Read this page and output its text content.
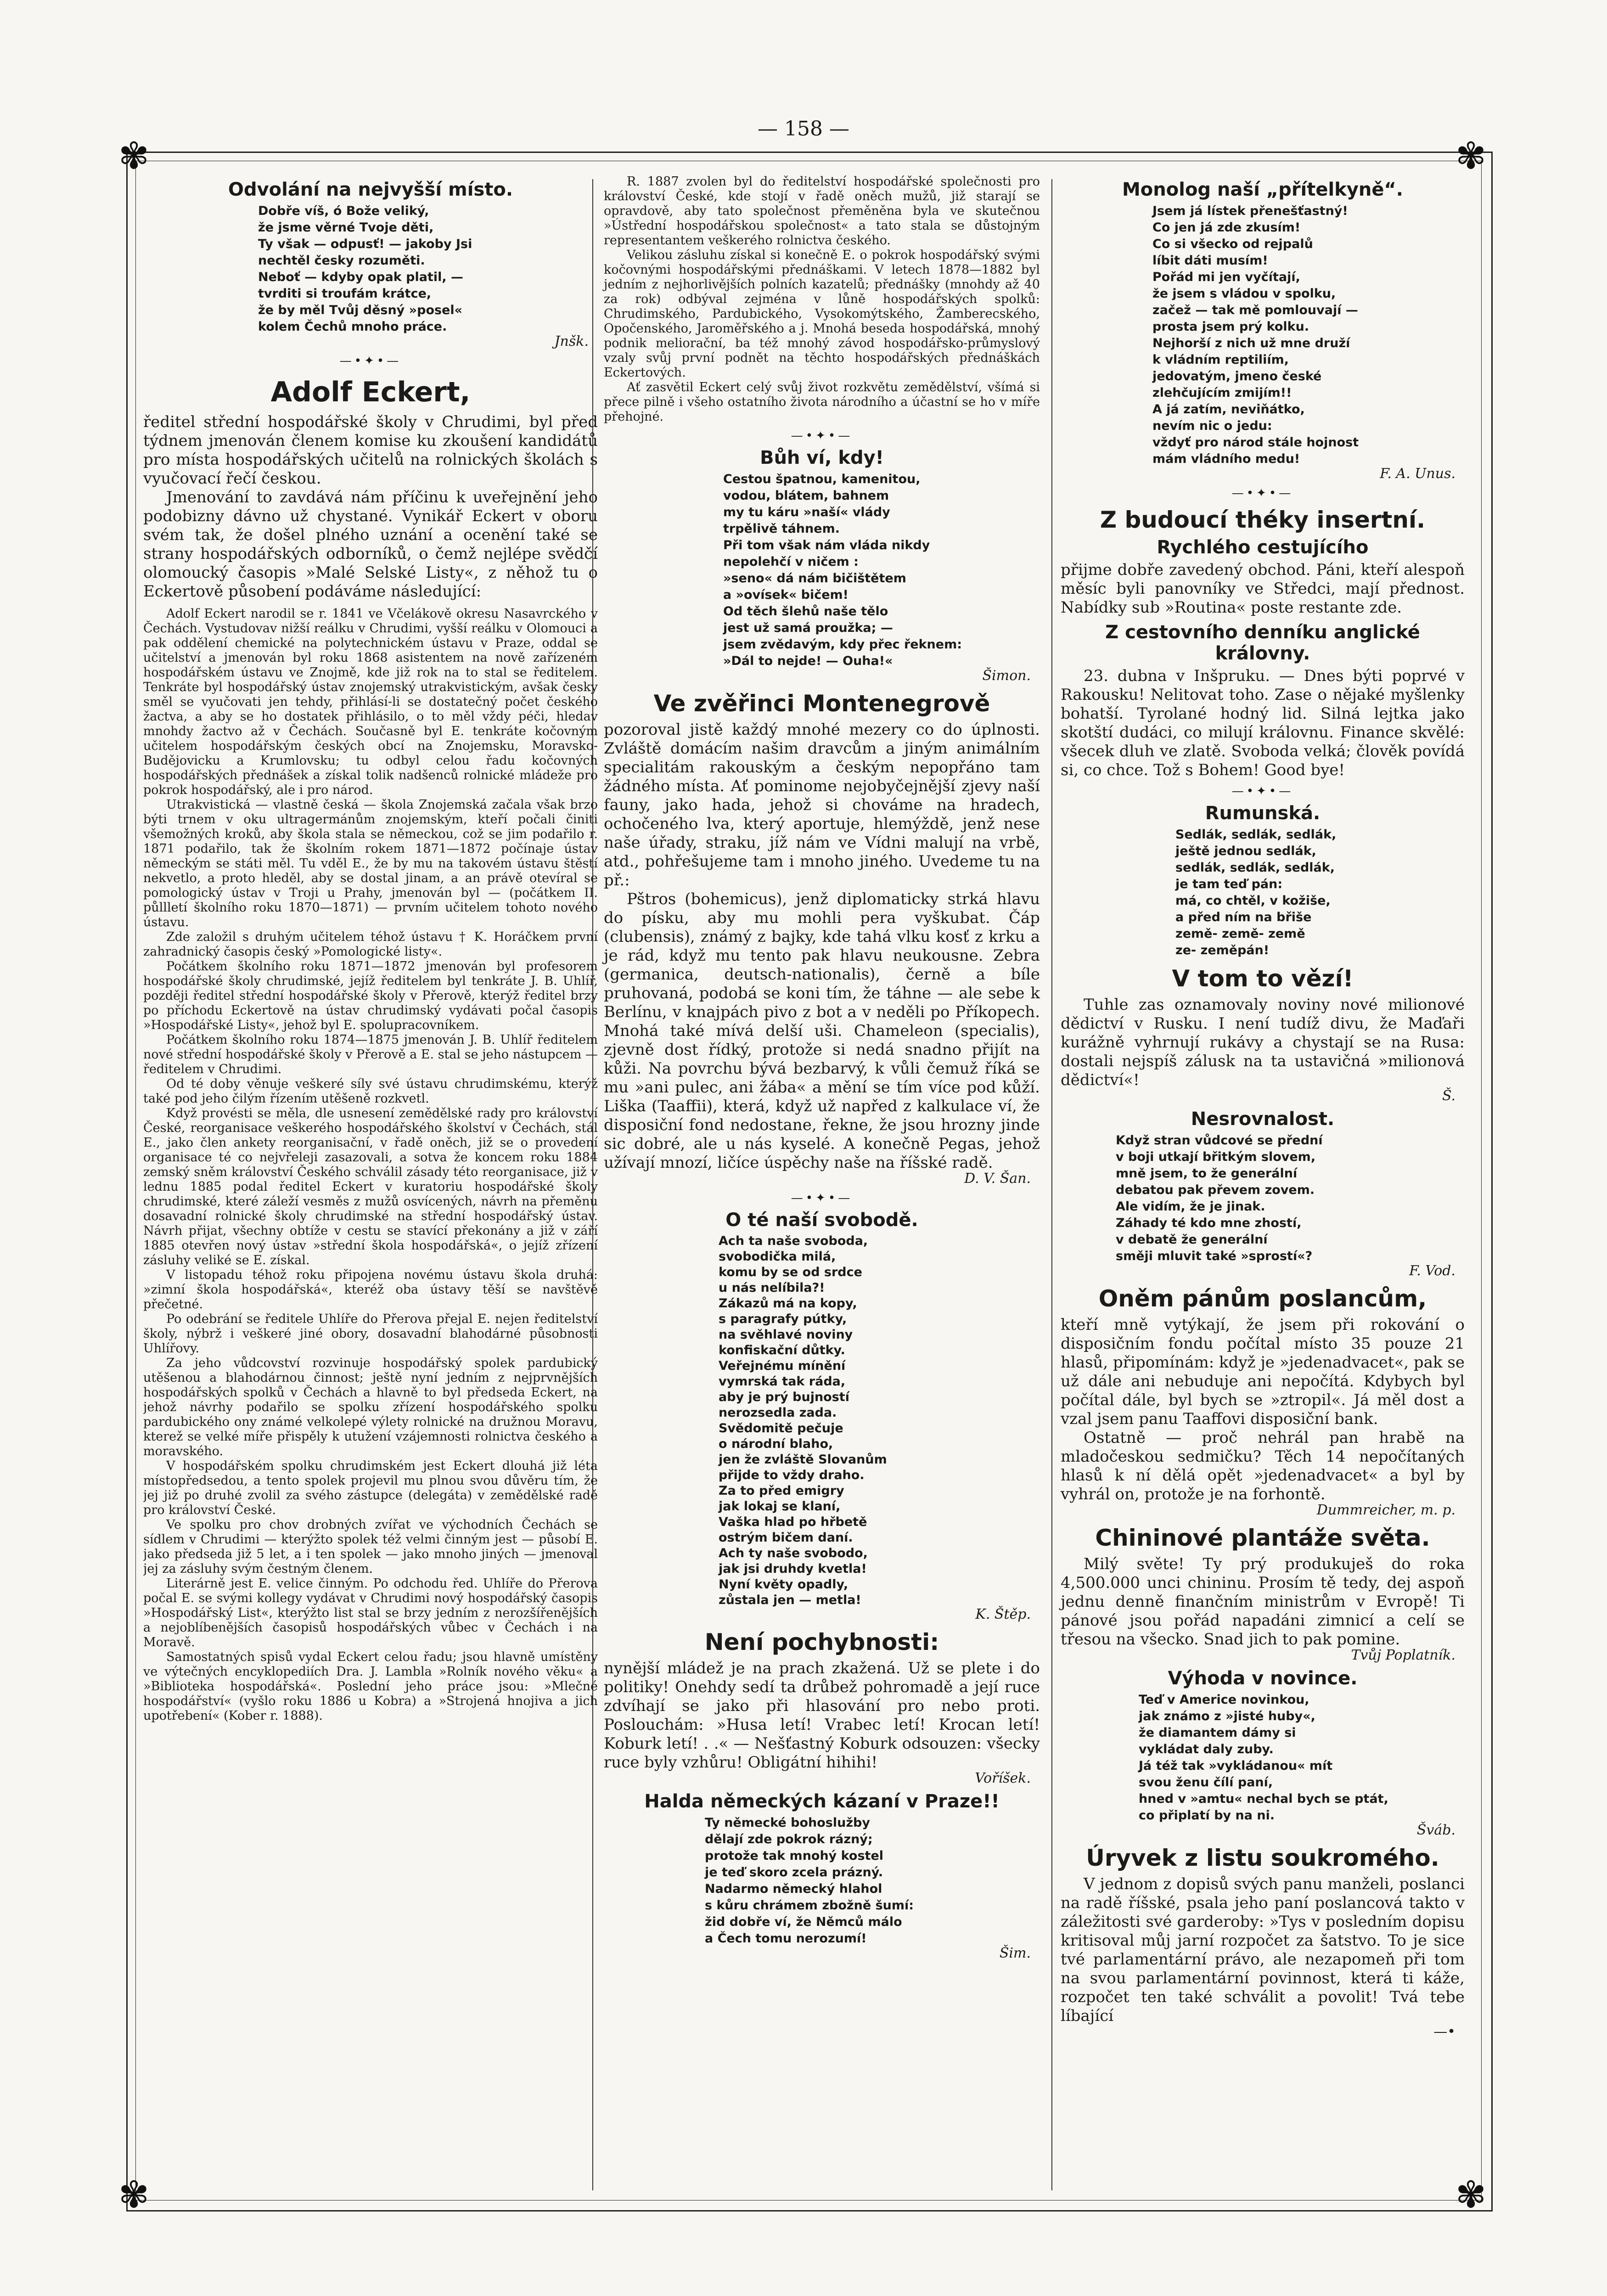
— 158 —
✾	✾
✾	✾
Odvolání na nejvyšší místo.
Dobře víš, ó Bože veliký,
že jsme věrné Tvoje děti,
Ty však — odpusť! — jakoby Jsi
nechtěl česky rozuměti.
Neboť — kdyby opak platil, —
tvrditi si troufám krátce,
že by měl Tvůj děsný »posel«
kolem Čechů mnoho práce.
Jnšk.
—•✦•—
Adolf Eckert,

ředitel střední hospodářské školy v Chrudimi, byl před týdnem jmenován členem komise ku zkoušení kandidátů pro místa hospodářských učitelů na rolnických školách s vyučovací řečí českou.

Jmenování to zavdává nám příčinu k uveřejnění jeho podobizny dávno už chystané. Vynikář Eckert v oboru svém tak, že došel plného uznání a ocenění také se strany hospodářských odborníků, o čemž nejlépe svědčí olomoucký časopis »Malé Selské Listy«, z něhož tu o Eckertově působení podáváme následující:

Adolf Eckert narodil se r. 1841 ve Včelákově okresu Nasavrckého v Čechách. Vystudovav nižší reálku v Chrudimi, vyšší reálku v Olomouci a pak oddělení chemické na polytechnickém ústavu v Praze, oddal se učitelství a jmenován byl roku 1868 asistentem na nově zařízeném hospodářském ústavu ve Znojmě, kde již rok na to stal se ředitelem. Tenkráte byl hospodářský ústav znojemský utrakvistickým, avšak česky směl se vyučovati jen tehdy, přihlásí-li se dostatečný počet českého žactva, a aby se ho dostatek přihlásilo, o to měl vždy péči, hledav mnohdy žactvo až v Čechách. Současně byl E. tenkráte kočovným učitelem hospodářským českých obcí na Znojemsku, Moravsko-Budějovicku a Krumlovsku; tu odbyl celou řadu kočovných hospodářských přednášek a získal tolik nadšenců rolnické mládeže pro pokrok hospodářský, ale i pro národ.

Utrakvistická — vlastně česká — škola Znojemská začala však brzo býti trnem v oku ultragermánům znojemským, kteří počali činiti všemožných kroků, aby škola stala se německou, což se jim podařilo r. 1871 podařilo, tak že školním rokem 1871—1872 počínaje ústav německým se státi měl. Tu vděl E., že by mu na takovém ústavu štěstí nekvetlo, a proto hleděl, aby se dostal jinam, a an právě otevíral se pomologický ústav v Troji u Prahy, jmenován byl — (počátkem II. půllletí školního roku 1870—1871) — prvním učitelem tohoto nového ústavu.

Zde založil s druhým učitelem téhož ústavu † K. Horáčkem první zahradnický časopis český »Pomologické listy«.

Počátkem školního roku 1871—1872 jmenován byl profesorem hospodářské školy chrudimské, jejíž ředitelem byl tenkráte J. B. Uhlíř, později ředitel střední hospodářské školy v Přerově, kterýž ředitel brzy po příchodu Eckertově na ústav chrudimský vydávati počal časopis »Hospodářské Listy«, jehož byl E. spolupracovníkem.

Počátkem školního roku 1874—1875 jmenován J. B. Uhlíř ředitelem nové střední hospodářské školy v Přerově a E. stal se jeho nástupcem — ředitelem v Chrudimi.

Od té doby věnuje veškeré síly své ústavu chrudimskému, kterýž také pod jeho čilým řízením utěšeně rozkvetl.

Když provésti se měla, dle usnesení zemědělské rady pro království České, reorganisace veškerého hospodářského školství v Čechách, stál E., jako člen ankety reorganisační, v řadě oněch, již se o provedení organisace té co nejvřeleji zasazovali, a sotva že koncem roku 1884 zemský sněm království Českého schválil zásady této reorganisace, již v lednu 1885 podal ředitel Eckert v kuratoriu hospodářské školy chrudimské, které záleží vesměs z mužů osvícených, návrh na přeměnu dosavadní rolnické školy chrudimské na střední hospodářský ústav. Návrh přijat, všechny obtíže v cestu se stavící překonány a již v září 1885 otevřen nový ústav »střední škola hospodářská«, o jejíž zřízení zásluhy veliké se E. získal.

V listopadu téhož roku připojena novému ústavu škola druhá: »zimní škola hospodářská«, kteréž oba ústavy těší se navštěvě přečetné.

Po odebrání se ředitele Uhlíře do Přerova přejal E. nejen ředitelství školy, nýbrž i veškeré jiné obory, dosavadní blahodárné působnosti Uhlířovy.

Za jeho vůdcovství rozvinuje hospodářský spolek pardubický utěšenou a blahodárnou činnost; ještě nyní jedním z nejprvnějších hospodářských spolků v Čechách a hlavně to byl předseda Eckert, na jehož návrhy podařilo se spolku zřízení hospodářského spolku pardubického ony známé velkolepé výlety rolnické na družnou Moravu, kterež se velké míře přispěly k utužení vzájemnosti rolnictva českého a moravského.

V hospodářském spolku chrudimském jest Eckert dlouhá již léta místopředsedou, a tento spolek projevil mu plnou svou důvěru tím, že jej již po druhé zvolil za svého zástupce (delegáta) v zemědělské radě pro království České.

Ve spolku pro chov drobných zvířat ve východních Čechách se sídlem v Chrudimi — kterýžto spolek též velmi činným jest — působí E. jako předseda již 5 let, a i ten spolek — jako mnoho jiných — jmenoval jej za zásluhy svým čestným členem.

Literárně jest E. velice činným. Po odchodu řed. Uhlíře do Přerova počal E. se svými kollegy vydávat v Chrudimi nový hospodářský časopis »Hospodářský List«, kterýžto list stal se brzy jedním z nerozšířenějších a nejoblíbenějších časopisů hospodářských vůbec v Čechách i na Moravě.

Samostatných spisů vydal Eckert celou řadu; jsou hlavně umístěny ve výtečných encyklopediích Dra. J. Lambla »Rolník nového věku« a »Biblioteka hospodářská«. Poslední jeho práce jsou: »Mlečné hospodářství« (vyšlo roku 1886 u Kobra) a »Strojená hnojiva a jich upotřebení« (Kober r. 1888).

R. 1887 zvolen byl do ředitelství hospodářské společnosti pro království České, kde stojí v řadě oněch mužů, již starají se opravdově, aby tato společnost přeměněna byla ve skutečnou »Ústřední hospodářskou společnost« a tato stala se důstojným representantem veškerého rolnictva českého.

Velikou zásluhu získal si konečně E. o pokrok hospodářský svými kočovnými hospodářskými přednáškami. V letech 1878—1882 byl jedním z nejhorlivějších polních kazatelů; přednášky (mnohdy až 40 za rok) odbýval zejména v lůně hospodářských spolků: Chrudimského, Pardubického, Vysokomýtského, Žamberecského, Opočenského, Jaroměřského a j. Mnohá beseda hospodářská, mnohý podnik meliorační, ba též mnohý závod hospodářsko-průmyslový vzaly svůj první podnět na těchto hospodářských přednáškách Eckertových.

Ať zasvětil Eckert celý svůj život rozkvětu zemědělství, všímá si přece pilně i všeho ostatního života národního a účastní se ho v míře přehojné.

—•✦•—
Bůh ví, kdy!
Cestou špatnou, kamenitou,
vodou, blátem, bahnem
my tu káru »naší« vlády
trpělivě táhnem.
Při tom však nám vláda nikdy
nepolehčí v ničem :
»seno« dá nám bičištětem
a »ovísek« bičem!
Od těch šlehů naše tělo
jest už samá proužka; —
jsem zvědavým, kdy přec řeknem:
»Dál to nejde! — Ouha!«
Šimon.
Ve zvěřinci Montenegrově

pozoroval jistě každý mnohé mezery co do úplnosti. Zvláště domácím našim dravcům a jiným animálním specialitám rakouským a českým nepopřáno tam žádného místa. Ať pominome nejobyčejnější zjevy naší fauny, jako hada, jehož si chováme na hradech, ochočeného lva, který aportuje, hlemýždě, jenž nese naše úřady, straku, jíž nám ve Vídni malují na vrbě, atd., pohřešujeme tam i mnoho jiného. Uvedeme tu na př.:

Pštros (bohemicus), jenž diplomaticky strká hlavu do písku, aby mu mohli pera vyškubat. Čáp (clubensis), známý z bajky, kde tahá vlku kosť z krku a je rád, když mu tento pak hlavu neukousne. Zebra (germanica, deutsch-nationalis), černě a bíle pruhovaná, podobá se koni tím, že táhne — ale sebe k Berlínu, v knajpách pivo z bot a v neděli po Příkopech. Mnohá také mívá delší uši. Chameleon (specialis), zjevně dost řídký, protože si nedá snadno přijít na kůži. Na povrchu bývá bezbarvý, k vůli čemuž říká se mu »ani pulec, ani žába« a mění se tím více pod kůží. Liška (Taaffii), která, když už napřed z kalkulace ví, že disposiční fond nedostane, řekne, že jsou hrozny jinde sic dobré, ale u nás kyselé. A konečně Pegas, jehož užívají mnozí, ličíce úspěchy naše na říšské radě.

D. V. Šan.
—•✦•—
O té naší svobodě.
Ach ta naše svoboda,
svobodička milá,
komu by se od srdce
u nás nelíbila?!
Zákazů má na kopy,
s paragrafy pútky,
na svěhlavé noviny
konfiskační důtky.
Veřejnému mínění
vymrská tak ráda,
aby je prý bujností
nerozsedla zada.
Svědomitě pečuje
o národní blaho,
jen že zvláště Slovanům
přijde to vždy draho.
Za to před emigry
jak lokaj se klaní,
Vaška hlad po hřbetě
ostrým bičem daní.
Ach ty naše svobodo,
jak jsi druhdy kvetla!
Nyní květy opadly,
zůstala jen — metla!
K. Štěp.
Není pochybnosti:

nynější mládež je na prach zkažená. Už se plete i do politiky! Onehdy sedí ta drůbež pohromadě a její ruce zdvíhají se jako při hlasování pro nebo proti. Poslouchám: »Husa letí! Vrabec letí! Krocan letí! Koburk letí! . .« — Nešťastný Koburk odsouzen: všecky ruce byly vzhůru! Obligátní hihihi!

Voříšek.
Halda německých kázaní v Praze!!
Ty německé bohoslužby
dělají zde pokrok rázný;
protože tak mnohý kostel
je teď skoro zcela prázný.
Nadarmo německý hlahol
s kůru chrámem zbožně šumí:
žid dobře ví, že Němců málo
a Čech tomu nerozumí!
Šim.
Monolog naší „přítelkyně“.
Jsem já lístek přenešťastný!
Co jen já zde zkusím!
Co si všecko od rejpalů
líbit dáti musím!
Pořád mi jen vyčítají,
že jsem s vládou v spolku,
začež — tak mě pomlouvají —
prosta jsem prý kolku.
Nejhorší z nich už mne druží
k vládním reptiliím,
jedovatým, jmeno české
zlehčujícím zmijím!!
A já zatím, neviňátko,
nevím nic o jedu:
vždyť pro národ stále hojnost
mám vládního medu!
F. A. Unus.
—•✦•—
Z budoucí théky insertní.
Rychlého cestujícího

přijme dobře zavedený obchod. Páni, kteří alespoň měsíc byli panovníky ve Středci, mají přednost. Nabídky sub »Routina« poste restante zde.

Z cestovního denníku anglické královny.

23. dubna v Inšpruku. — Dnes býti poprvé v Rakousku! Nelitovat toho. Zase o nějaké myšlenky bohatší. Tyrolané hodný lid. Silná lejtka jako skotští dudáci, co milují královnu. Finance skvělé: všecek dluh ve zlatě. Svoboda velká; člověk povídá si, co chce. Tož s Bohem! Good bye!

—•✦•—
Rumunská.
Sedlák, sedlák, sedlák,
ještě jednou sedlák,
sedlák, sedlák, sedlák,
je tam teď pán:
má, co chtěl, v kožiše,
a před ním na břiše
země- země- země
ze- zeměpán!
V tom to vězí!

Tuhle zas oznamovaly noviny nové milionové dědictví v Rusku. I není tudíž divu, že Maďaři kurážně vyhrnují rukávy a chystají se na Rusa: dostali nejspíš zálusk na ta ustavičná »milionová dědictví«!

Š.
Nesrovnalost.
Když stran vůdcové se přední
v boji utkají břitkým slovem,
mně jsem, to že generální
debatou pak převem zovem.
Ale vidím, že je jinak.
Záhady té kdo mne zhostí,
v debatě že generální
směji mluvit také »sprostí«?
F. Vod.
Oněm pánům poslancům,

kteří mně vytýkají, že jsem při rokování o disposičním fondu počítal místo 35 pouze 21 hlasů, připomínám: když je »jedenadvacet«, pak se už dále ani nebuduje ani nepočítá. Kdybych byl počítal dále, byl bych se »ztropil«. Já měl dost a vzal jsem panu Taaffovi disposiční bank.

Ostatně — proč nehrál pan hrabě na mladočeskou sedmičku? Těch 14 nepočítaných hlasů k ní dělá opět »jedenadvacet« a byl by vyhrál on, protože je na forhontě.

Dummreicher, m. p.
Chininové plantáže světa.

Milý světe! Ty prý produkuješ do roka 4,500.000 unci chininu. Prosím tě tedy, dej aspoň jednu denně finančním ministrům v Evropě! Ti pánové jsou pořád napadáni zimnicí a celí se třesou na všecko. Snad jich to pak pomine.

Tvůj Poplatník.
Výhoda v novince.
Teď v Americe novinkou,
jak známo z »jisté huby«,
že diamantem dámy si
vykládat daly zuby.
Já též tak »vykládanou« mít
svou ženu čílí paní,
hned v »amtu« nechal bych se ptát,
co připlatí by na ni.
Šváb.
Úryvek z listu soukromého.

V jednom z dopisů svých panu manželi, poslanci na radě říšské, psala jeho paní poslancová takto v záležitosti své garderoby: »Tys v posledním dopisu kritisoval můj jarní rozpočet za šatstvo. To je sice tvé parlamentární právo, ale nezapomeň při tom na svou parlamentární povinnost, která ti káže, rozpočet ten také schválit a povolit! Tvá tebe líbající

—•
